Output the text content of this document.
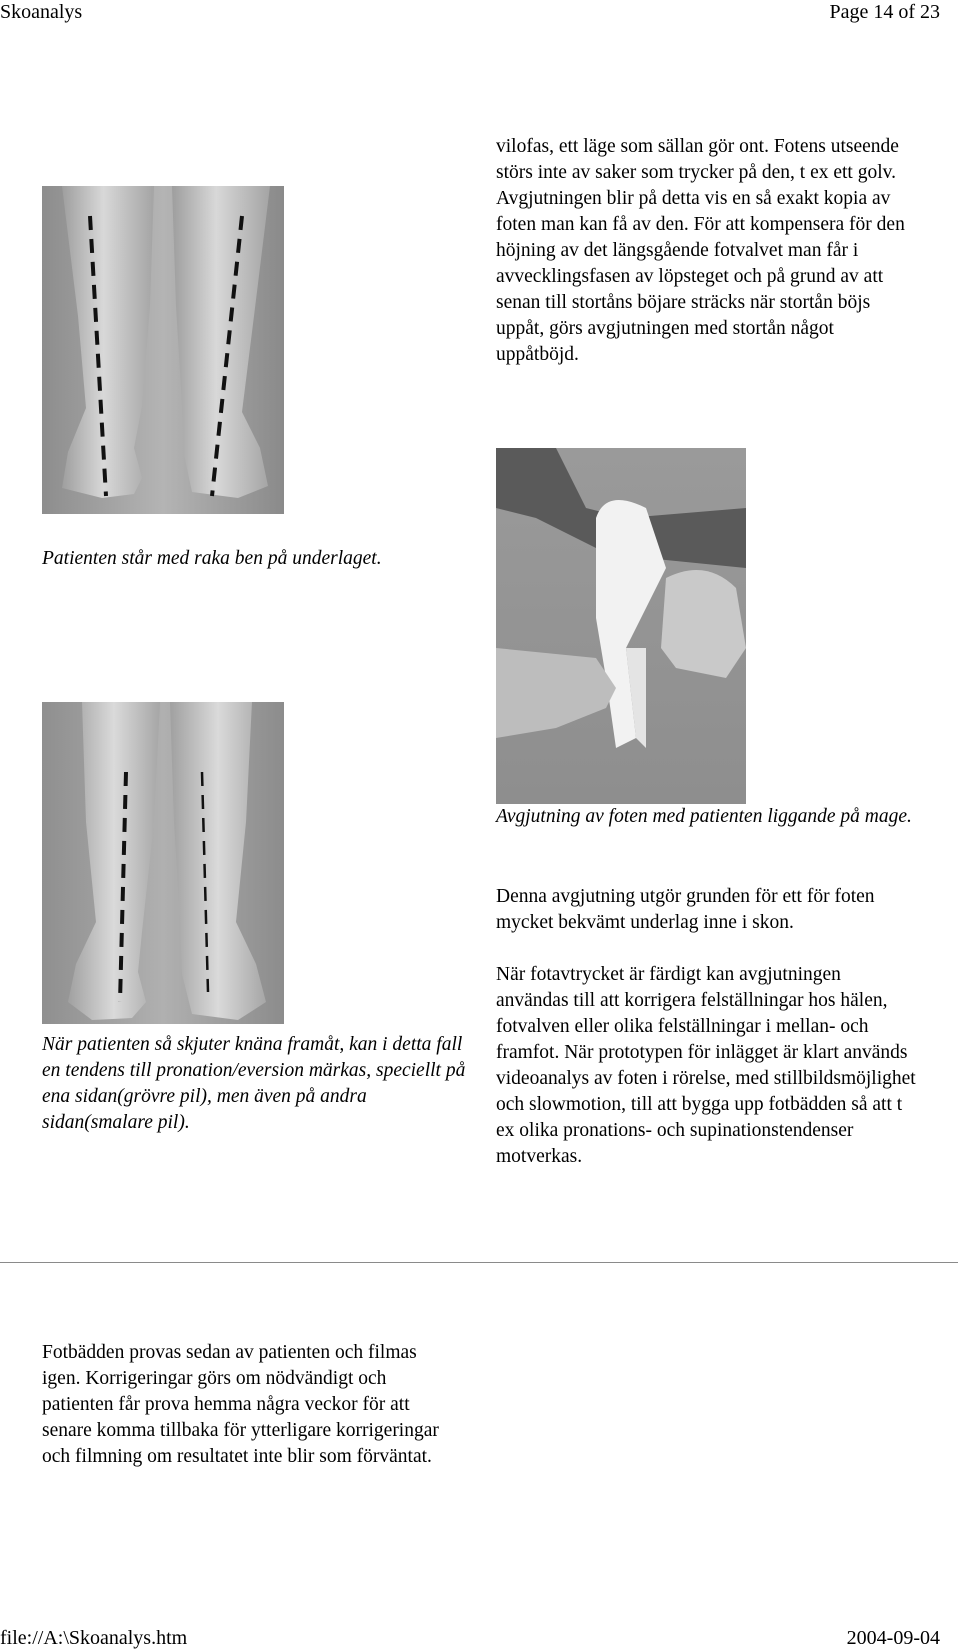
Skoanalys	Page 14 of 23
vilofas, ett läge som sällan gör ont. Fotens utseende störs inte av saker som trycker på den, t ex ett golv. Avgjutningen blir på detta vis en så exakt kopia av foten man kan få av den. För att kompensera för den höjning av det längsgående fotvalvet man får i avvecklingsfasen av löpsteget och på grund av att senan till stortåns böjare sträcks när stortån böjs uppåt, görs avgjutningen med stortån något uppåtböjd.
Patienten står med raka ben på underlaget.
Avgjutning av foten med patienten liggande på mage.
Denna avgjutning utgör grunden för ett för foten mycket bekvämt underlag inne i skon.
När patienten så skjuter knäna framåt, kan i detta fall en tendens till pronation/eversion märkas, speciellt på ena sidan(grövre pil), men även på andra sidan(smalare pil).
När fotavtrycket är färdigt kan avgjutningen användas till att korrigera felställningar hos hälen, fotvalven eller olika felställningar i mellan- och framfot. När prototypen för inlägget är klart används videoanalys av foten i rörelse, med stillbildsmöjlighet och slowmotion, till att bygga upp fotbädden så att t ex olika pronations- och supinationstendenser motverkas.
Fotbädden provas sedan av patienten och filmas igen. Korrigeringar görs om nödvändigt och patienten får prova hemma några veckor för att senare komma tillbaka för ytterligare korrigeringar och filmning om resultatet inte blir som förväntat.
file://A:\Skoanalys.htm	2004-09-04
